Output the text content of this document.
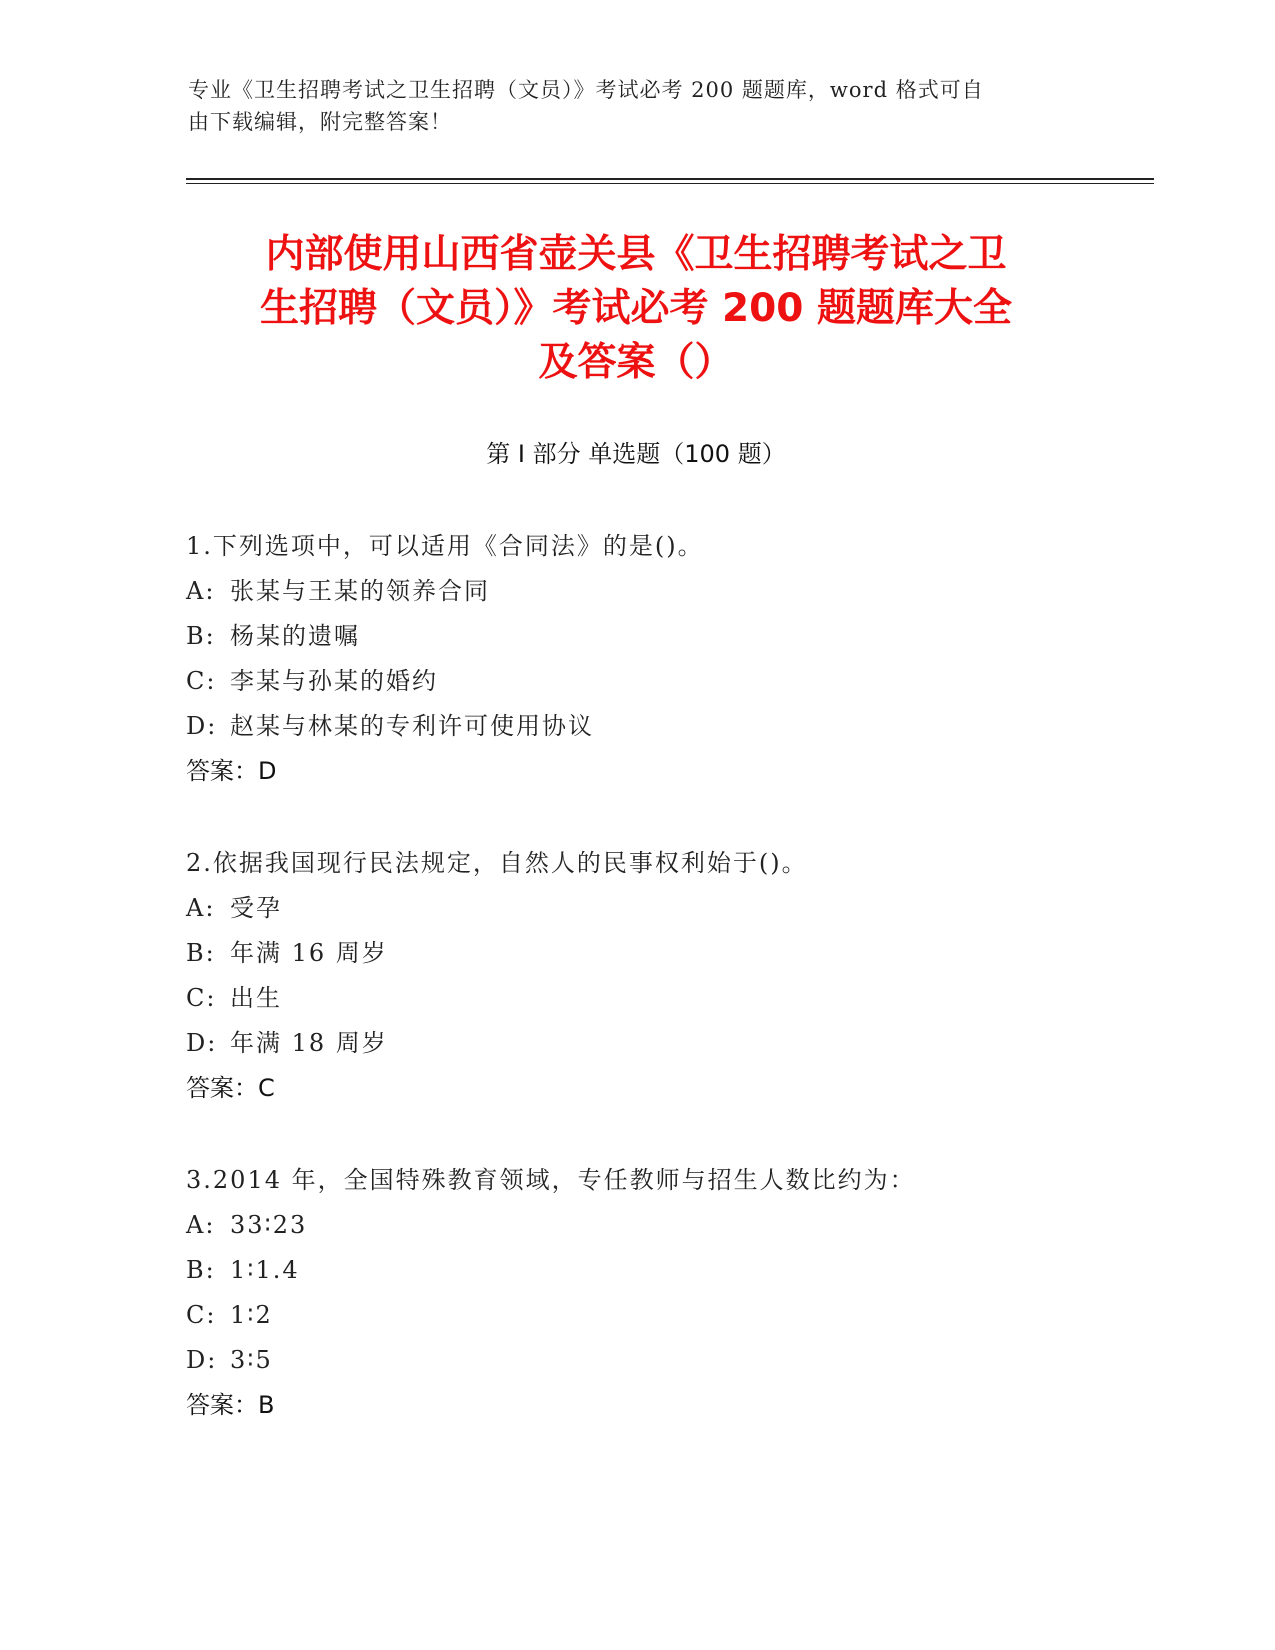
专业《卫生招聘考试之卫生招聘（文员）》考试必考 200 题题库，word 格式可自
由下载编辑，附完整答案！
内部使用山西省壶关县《卫生招聘考试之卫
生招聘（文员）》考试必考 200 题题库大全
及答案（）
第 I 部分 单选题（100 题）
1.下列选项中，可以适用《合同法》的是()。
A: 张某与王某的领养合同
B: 杨某的遗嘱
C: 李某与孙某的婚约
D: 赵某与林某的专利许可使用协议
答案：D
2.依据我国现行民法规定，自然人的民事权利始于()。
A: 受孕
B: 年满 16 周岁
C: 出生
D: 年满 18 周岁
答案：C
3.2014 年，全国特殊教育领域，专任教师与招生人数比约为：
A: 33∶23
B: 1∶1.4
C: 1∶2
D: 3∶5
答案：B
